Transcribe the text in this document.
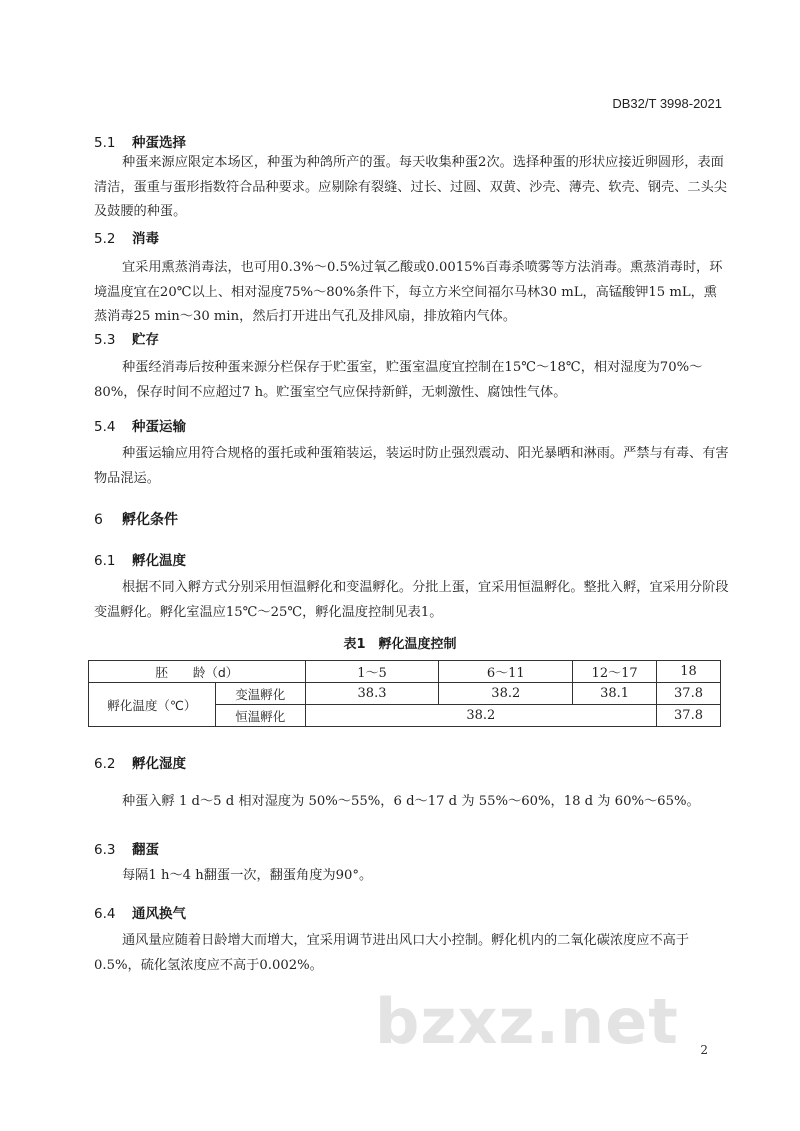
DB32/T 3998-2021
5.1 种蛋选择
种蛋来源应限定本场区，种蛋为种鸽所产的蛋。每天收集种蛋2次。选择种蛋的形状应接近卵圆形，表面清洁，蛋重与蛋形指数符合品种要求。应剔除有裂缝、过长、过圆、双黄、沙壳、薄壳、软壳、钢壳、二头尖及鼓腰的种蛋。
5.2 消毒
宜采用熏蒸消毒法，也可用0.3%～0.5%过氧乙酸或0.0015%百毒杀喷雾等方法消毒。熏蒸消毒时，环境温度宜在20℃以上、相对湿度75%～80%条件下，每立方米空间福尔马林30 mL，高锰酸钾15 mL，熏蒸消毒25 min～30 min，然后打开进出气孔及排风扇，排放箱内气体。
5.3 贮存
种蛋经消毒后按种蛋来源分栏保存于贮蛋室，贮蛋室温度宜控制在15℃～18℃，相对湿度为70%～80%，保存时间不应超过7 h。贮蛋室空气应保持新鲜，无刺激性、腐蚀性气体。
5.4 种蛋运输
种蛋运输应用符合规格的蛋托或种蛋箱装运，装运时防止强烈震动、阳光暴晒和淋雨。严禁与有毒、有害物品混运。
6 孵化条件
6.1 孵化温度
根据不同入孵方式分别采用恒温孵化和变温孵化。分批上蛋，宜采用恒温孵化。整批入孵，宜采用分阶段变温孵化。孵化室温应15℃～25℃，孵化温度控制见表1。
表1　孵化温度控制
胚　　龄（d）		1～5	6～11	12～17	18
孵化温度（℃）	变温孵化	38.3	38.2	38.1	37.8
	恒温孵化	38.2			37.8
6.2 孵化湿度
种蛋入孵 1 d～5 d 相对湿度为 50%～55%，6 d～17 d 为 55%～60%，18 d 为 60%～65%。
6.3 翻蛋
每隔1 h～4 h翻蛋一次，翻蛋角度为90°。
6.4 通风换气
通风量应随着日龄增大而增大，宜采用调节进出风口大小控制。孵化机内的二氧化碳浓度应不高于0.5%，硫化氢浓度应不高于0.002%。
bzxz.net 2
